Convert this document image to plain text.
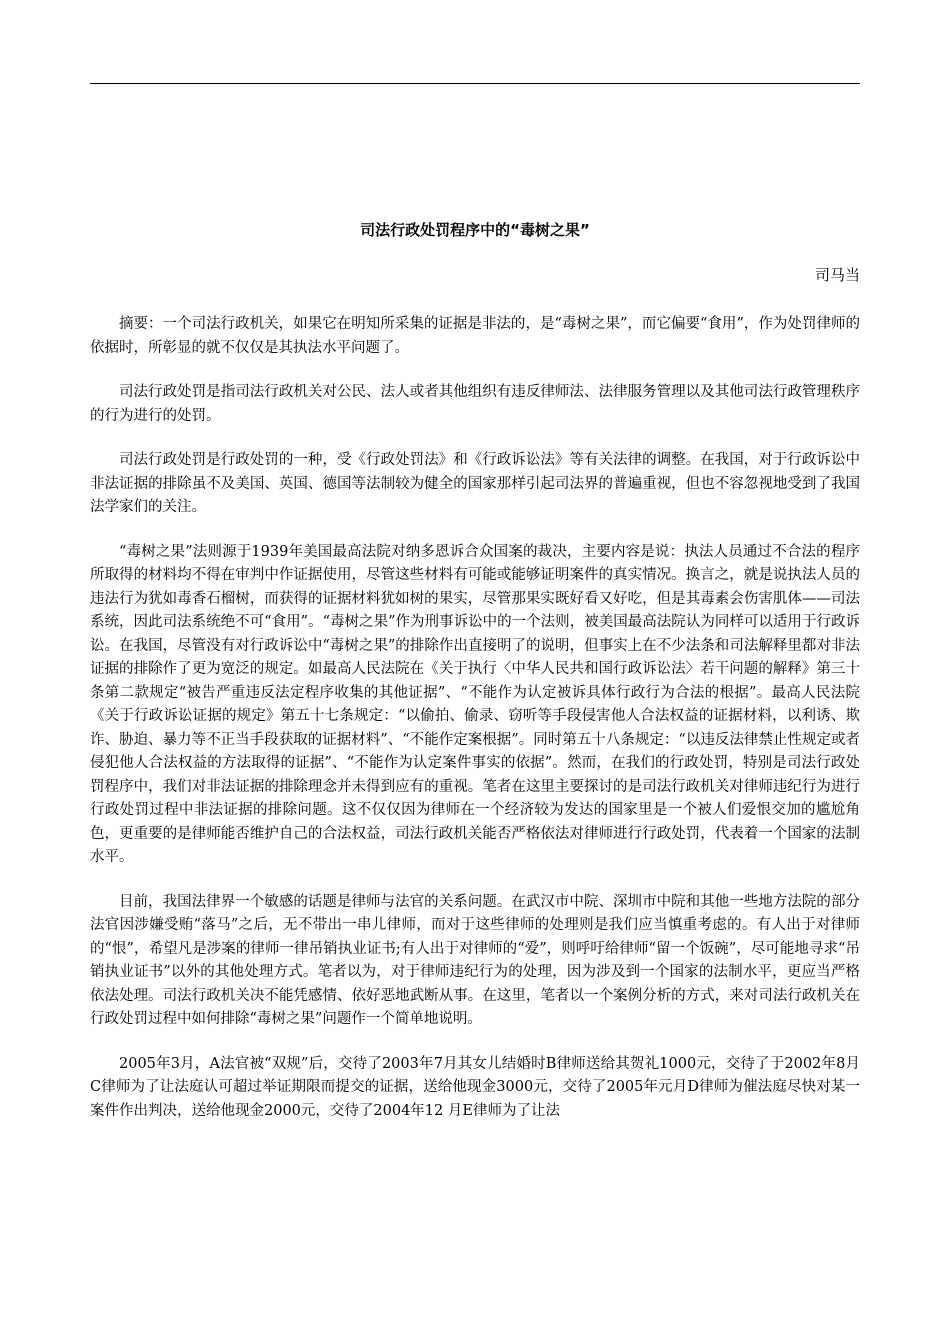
司法行政处罚程序中的“毒树之果”

司马当

摘要：一个司法行政机关，如果它在明知所采集的证据是非法的，是“毒树之果”，而它偏要“食用”，作为处罚律师的依据时，所彰显的就不仅仅是其执法水平问题了。

司法行政处罚是指司法行政机关对公民、法人或者其他组织有违反律师法、法律服务管理以及其他司法行政管理秩序的行为进行的处罚。

司法行政处罚是行政处罚的一种，受《行政处罚法》和《行政诉讼法》等有关法律的调整。在我国，对于行政诉讼中非法证据的排除虽不及美国、英国、德国等法制较为健全的国家那样引起司法界的普遍重视，但也不容忽视地受到了我国法学家们的关注。

“毒树之果”法则源于1939年美国最高法院对纳多恩诉合众国案的裁决，主要内容是说：执法人员通过不合法的程序所取得的材料均不得在审判中作证据使用，尽管这些材料有可能或能够证明案件的真实情况。换言之，就是说执法人员的违法行为犹如毒香石榴树，而获得的证据材料犹如树的果实，尽管那果实既好看又好吃，但是其毒素会伤害肌体——司法系统，因此司法系统绝不可“食用”。“毒树之果”作为刑事诉讼中的一个法则，被美国最高法院认为同样可以适用于行政诉讼。在我国，尽管没有对行政诉讼中“毒树之果”的排除作出直接明了的说明，但事实上在不少法条和司法解释里都对非法证据的排除作了更为宽泛的规定。如最高人民法院在《关于执行〈中华人民共和国行政诉讼法〉若干问题的解释》第三十条第二款规定“被告严重违反法定程序收集的其他证据”、“不能作为认定被诉具体行政行为合法的根据”。最高人民法院《关于行政诉讼证据的规定》第五十七条规定：“以偷拍、偷录、窃听等手段侵害他人合法权益的证据材料，以利诱、欺诈、胁迫、暴力等不正当手段获取的证据材料”、“不能作定案根据”。同时第五十八条规定：“以违反法律禁止性规定或者侵犯他人合法权益的方法取得的证据”、“不能作为认定案件事实的依据”。然而，在我们的行政处罚，特别是司法行政处罚程序中，我们对非法证据的排除理念并未得到应有的重视。笔者在这里主要探讨的是司法行政机关对律师违纪行为进行行政处罚过程中非法证据的排除问题。这不仅仅因为律师在一个经济较为发达的国家里是一个被人们爱恨交加的尴尬角色，更重要的是律师能否维护自己的合法权益，司法行政机关能否严格依法对律师进行行政处罚，代表着一个国家的法制水平。

目前，我国法律界一个敏感的话题是律师与法官的关系问题。在武汉市中院、深圳市中院和其他一些地方法院的部分法官因涉嫌受贿“落马”之后，无不带出一串儿律师，而对于这些律师的处理则是我们应当慎重考虑的。有人出于对律师的“恨”，希望凡是涉案的律师一律吊销执业证书;有人出于对律师的“爱”，则呼吁给律师“留一个饭碗”，尽可能地寻求“吊销执业证书”以外的其他处理方式。笔者以为，对于律师违纪行为的处理，因为涉及到一个国家的法制水平，更应当严格依法处理。司法行政机关决不能凭感情、依好恶地武断从事。在这里，笔者以一个案例分析的方式，来对司法行政机关在行政处罚过程中如何排除“毒树之果”问题作一个简单地说明。

2005年3月，A法官被“双规”后，交待了2003年7月其女儿结婚时B律师送给其贺礼1000元，交待了于2002年8月C律师为了让法庭认可超过举证期限而提交的证据，送给他现金3000元，交待了2005年元月D律师为催法庭尽快对某一案件作出判决，送给他现金2000元，交待了2004年12 月E律师为了让法
